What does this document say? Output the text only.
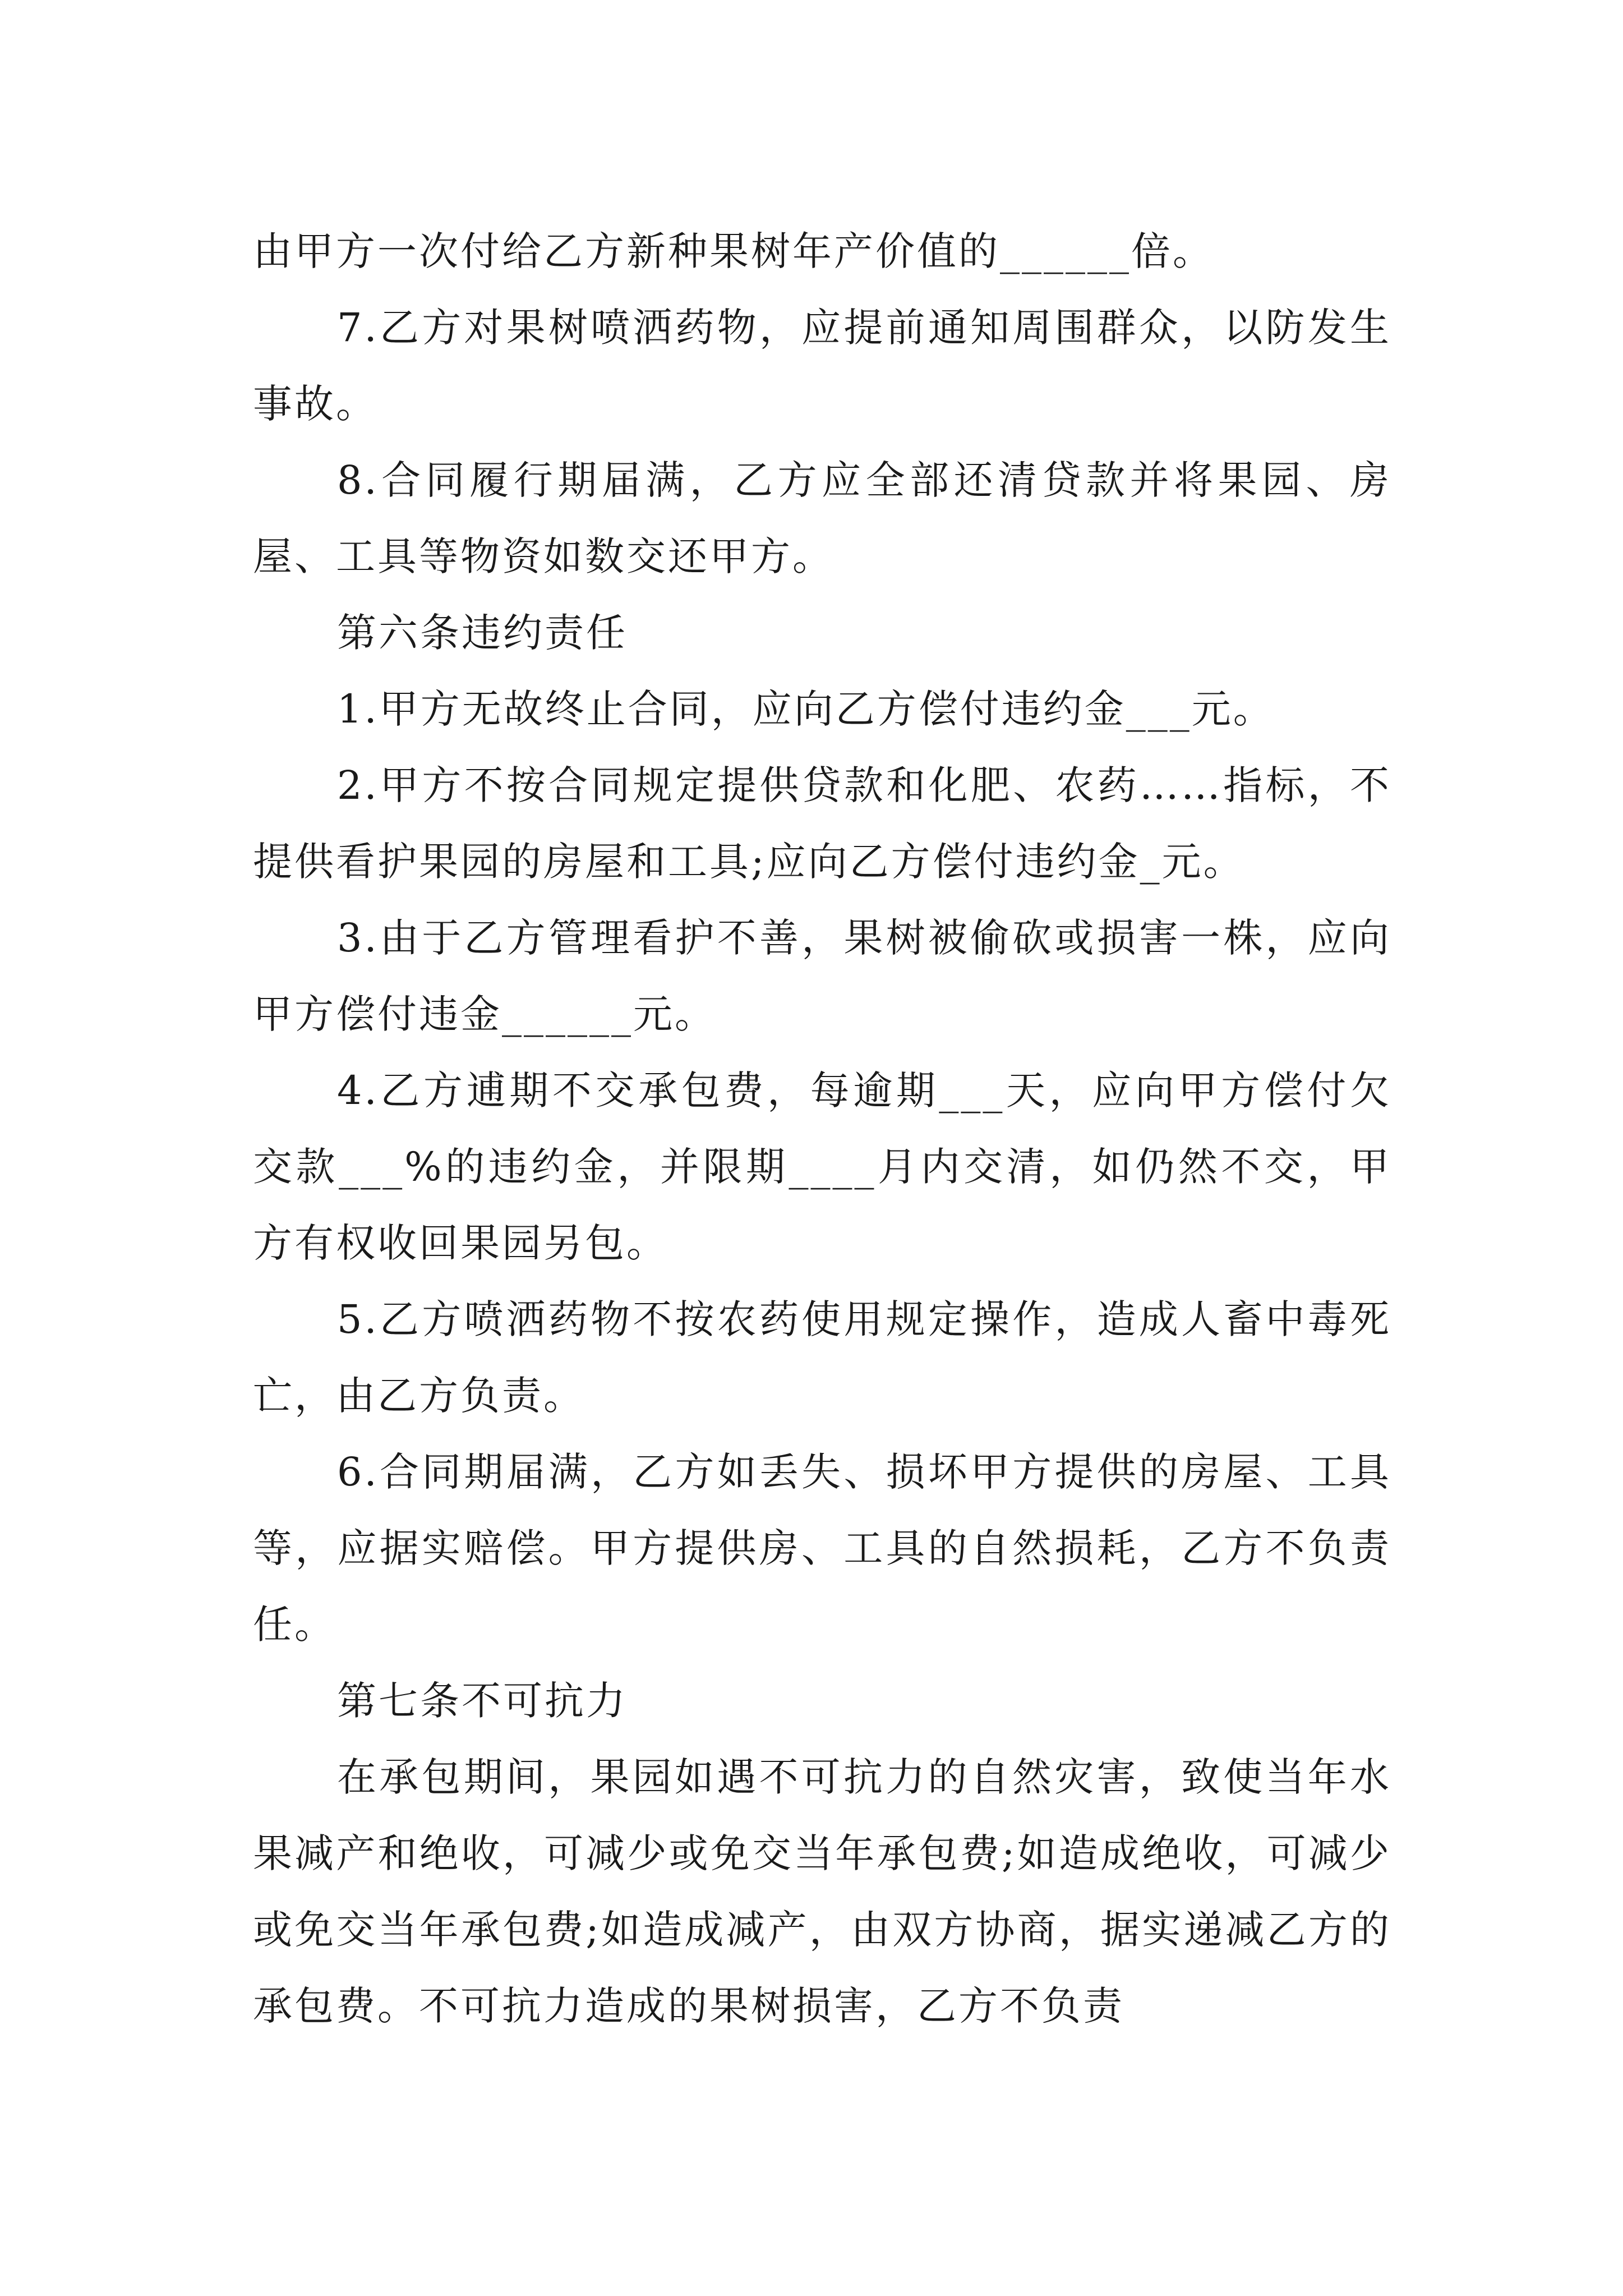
由甲方一次付给乙方新种果树年产价值的______倍。

7.乙方对果树喷洒药物，应提前通知周围群众，以防发生事故。

8.合同履行期届满，乙方应全部还清贷款并将果园、房屋、工具等物资如数交还甲方。

第六条违约责任

1.甲方无故终止合同，应向乙方偿付违约金___元。

2.甲方不按合同规定提供贷款和化肥、农药……指标，不提供看护果园的房屋和工具;应向乙方偿付违约金_元。

3.由于乙方管理看护不善，果树被偷砍或损害一株，应向甲方偿付违金______元。

4.乙方逋期不交承包费，每逾期___天，应向甲方偿付欠交款___%的违约金，并限期____月内交清，如仍然不交，甲方有权收回果园另包。

5.乙方喷洒药物不按农药使用规定操作，造成人畜中毒死亡，由乙方负责。

6.合同期届满，乙方如丢失、损坏甲方提供的房屋、工具等，应据实赔偿。甲方提供房、工具的自然损耗，乙方不负责任。

第七条不可抗力

在承包期间，果园如遇不可抗力的自然灾害，致使当年水果减产和绝收，可减少或免交当年承包费;如造成绝收，可减少或免交当年承包费;如造成减产，由双方协商，据实递减乙方的承包费。不可抗力造成的果树损害，乙方不负责
